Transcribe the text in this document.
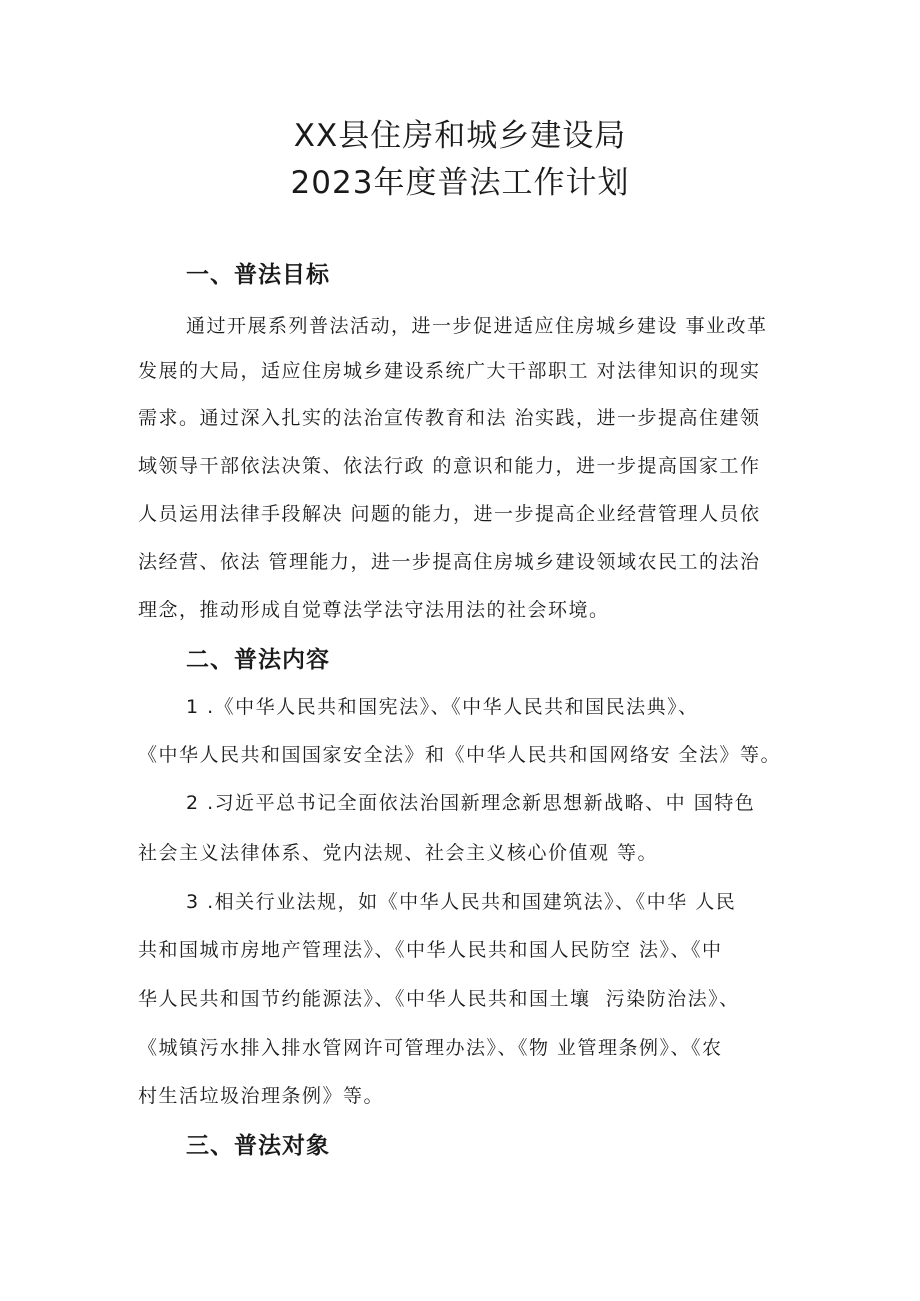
XX县住房和城乡建设局
2023年度普法工作计划
一、普法目标

通过开展系列普法活动，进一步促进适应住房城乡建设 事业改革

发展的大局，适应住房城乡建设系统广大干部职工 对法律知识的现实

需求。通过深入扎实的法治宣传教育和法 治实践，进一步提高住建领

域领导干部依法决策、依法行政 的意识和能力，进一步提高国家工作

人员运用法律手段解决 问题的能力，进一步提高企业经营管理人员依

法经营、依法 管理能力，进一步提高住房城乡建设领域农民工的法治

理念，推动形成自觉尊法学法守法用法的社会环境。

二、普法内容

1 .《中华人民共和国宪法》、《中华人民共和国民法典》、

《中华人民共和国国家安全法》和《中华人民共和国网络安 全法》等。

2 .习近平总书记全面依法治国新理念新思想新战略、中 国特色

社会主义法律体系、党内法规、社会主义核心价值观 等。

3 .相关行业法规，如《中华人民共和国建筑法》、《中华 人民

共和国城市房地产管理法》、《中华人民共和国人民防空 法》、《中

华人民共和国节约能源法》、《中华人民共和国土壤  污染防治法》、

《城镇污水排入排水管网许可管理办法》、《物 业管理条例》、《农

村生活垃圾治理条例》等。

三、普法对象
